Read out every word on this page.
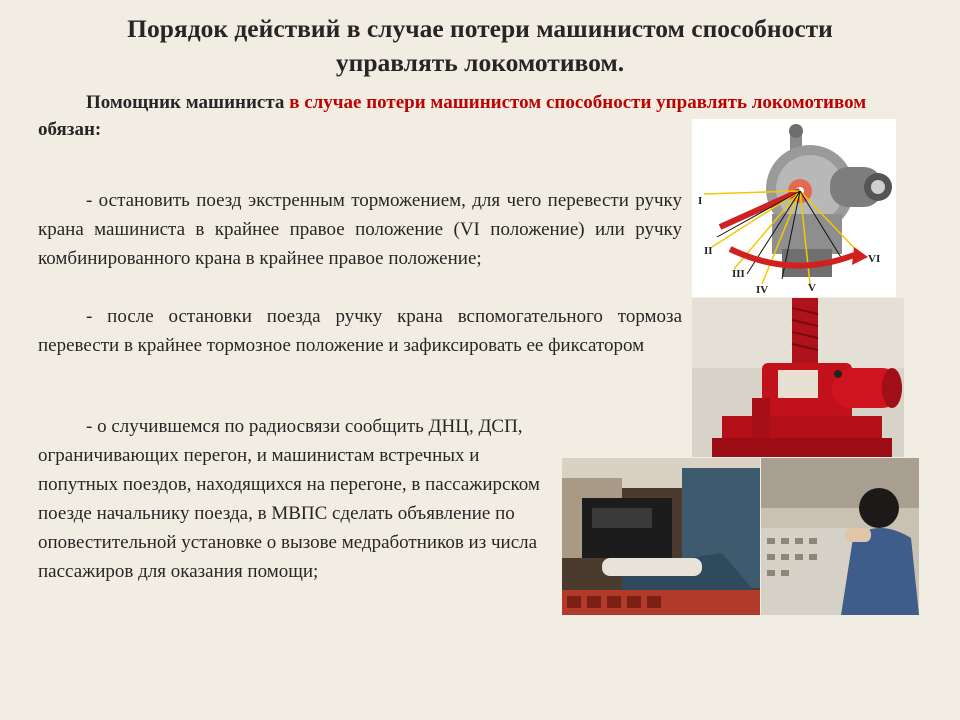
Порядок действий в случае потери машинистом способности
управлять локомотивом.
Помощник машиниста в случае потери машинистом способности управлять локомотивом обязан:
- остановить поезд экстренным торможением, для чего перевести ручку крана машиниста в крайнее правое положение (VI положение) или ручку комбинированного крана в крайнее правое положение;
- после остановки поезда ручку крана вспомогательного тормоза перевести в крайнее тормозное положение и зафиксировать ее фиксатором
- о случившемся по радиосвязи сообщить ДНЦ, ДСП, ограничивающих перегон, и машинистам встречных и попутных поездов, находящихся на перегоне, в пассажирском поезде начальнику поезда, в МВПС сделать объявление по оповестительной установке о вызове медработников из числа пассажиров для оказания помощи;
I
II
III
IV	V
VI
